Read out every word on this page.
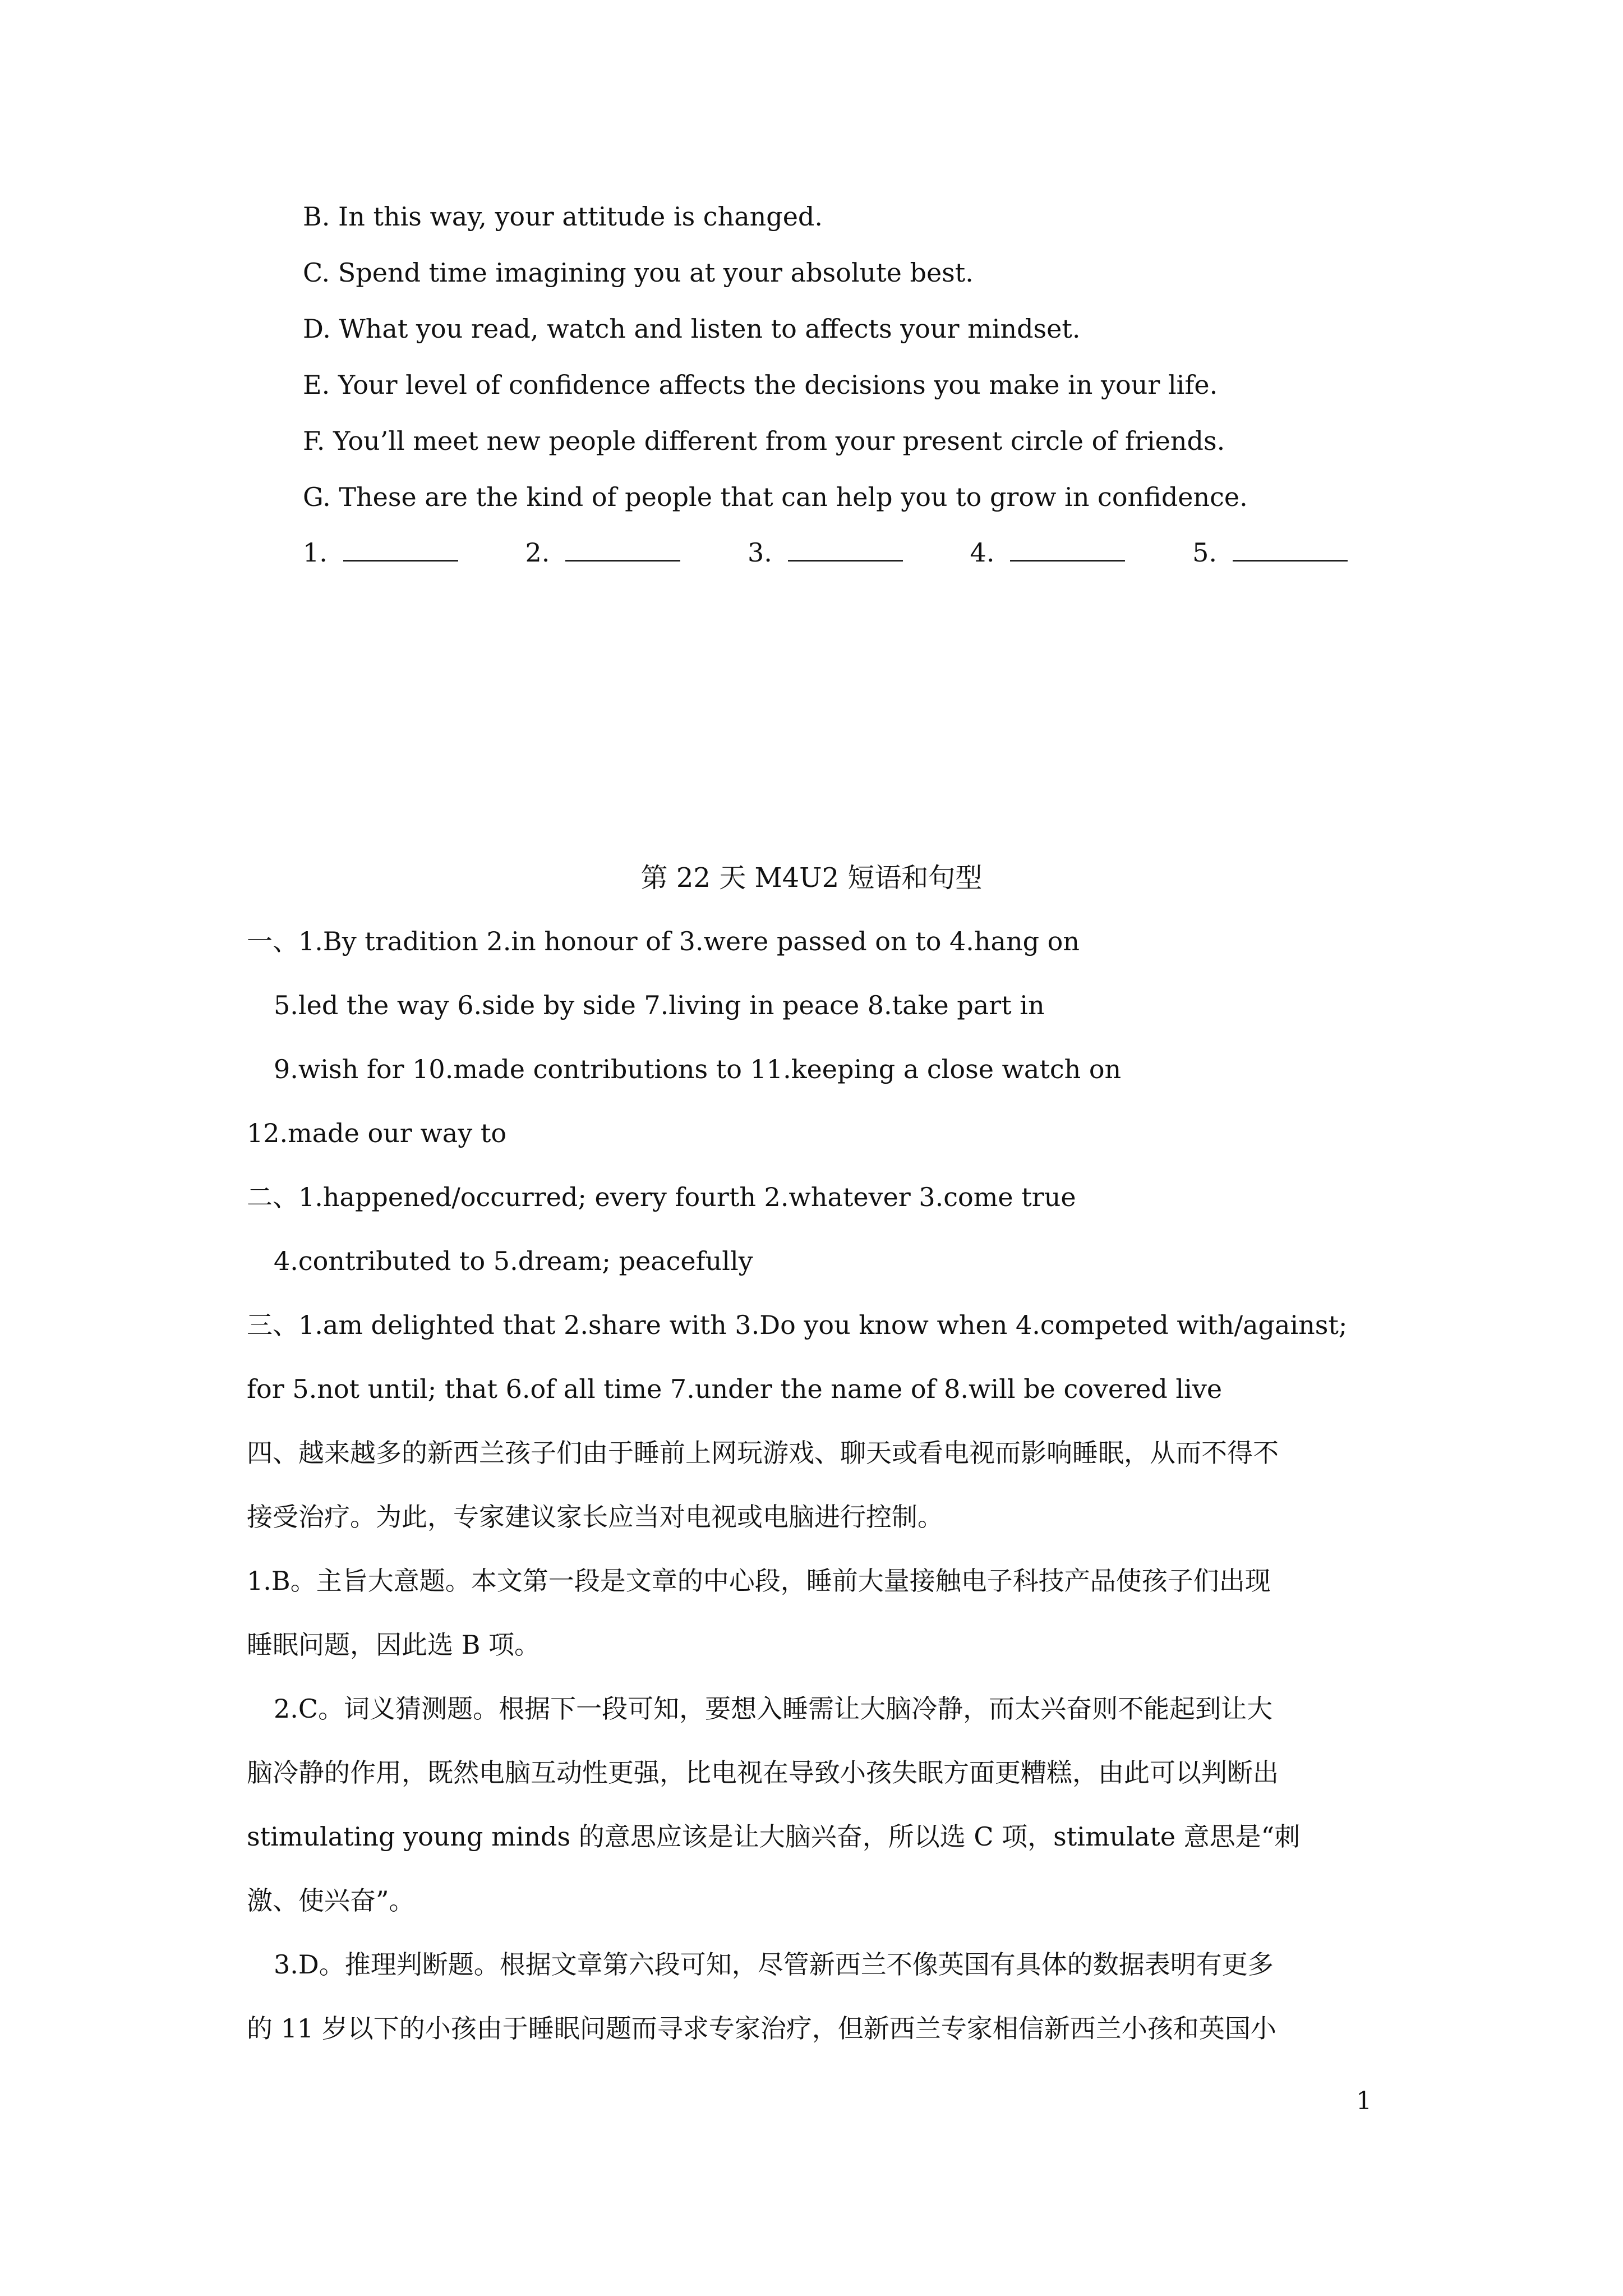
B. In this way, your attitude is changed.
C. Spend time imagining you at your absolute best.
D. What you read, watch and listen to affects your mindset.
E. Your level of confidence affects the decisions you make in your life.
F. You’ll meet new people different from your present circle of friends.
G. These are the kind of people that can help you to grow in confidence.
1.	2.	3.	4.	5.
第 22 天 M4U2 短语和句型
一、1.By tradition 2.in honour of 3.were passed on to 4.hang on
5.led the way 6.side by side 7.living in peace 8.take part in
9.wish for 10.made contributions to 11.keeping a close watch on
12.made our way to
二、1.happened/occurred; every fourth 2.whatever 3.come true
4.contributed to 5.dream; peacefully
三、1.am delighted that 2.share with 3.Do you know when 4.competed with/against;
for 5.not until; that 6.of all time 7.under the name of 8.will be covered live
四、越来越多的新西兰孩子们由于睡前上网玩游戏、聊天或看电视而影响睡眠，从而不得不
接受治疗。为此，专家建议家长应当对电视或电脑进行控制。
1.B。主旨大意题。本文第一段是文章的中心段，睡前大量接触电子科技产品使孩子们出现
睡眠问题，因此选 B 项。
2.C。词义猜测题。根据下一段可知，要想入睡需让大脑冷静，而太兴奋则不能起到让大
脑冷静的作用，既然电脑互动性更强，比电视在导致小孩失眠方面更糟糕，由此可以判断出
stimulating young minds 的意思应该是让大脑兴奋，所以选 C 项，stimulate 意思是“刺
激、使兴奋”。
3.D。推理判断题。根据文章第六段可知，尽管新西兰不像英国有具体的数据表明有更多
的 11 岁以下的小孩由于睡眠问题而寻求专家治疗，但新西兰专家相信新西兰小孩和英国小
1
